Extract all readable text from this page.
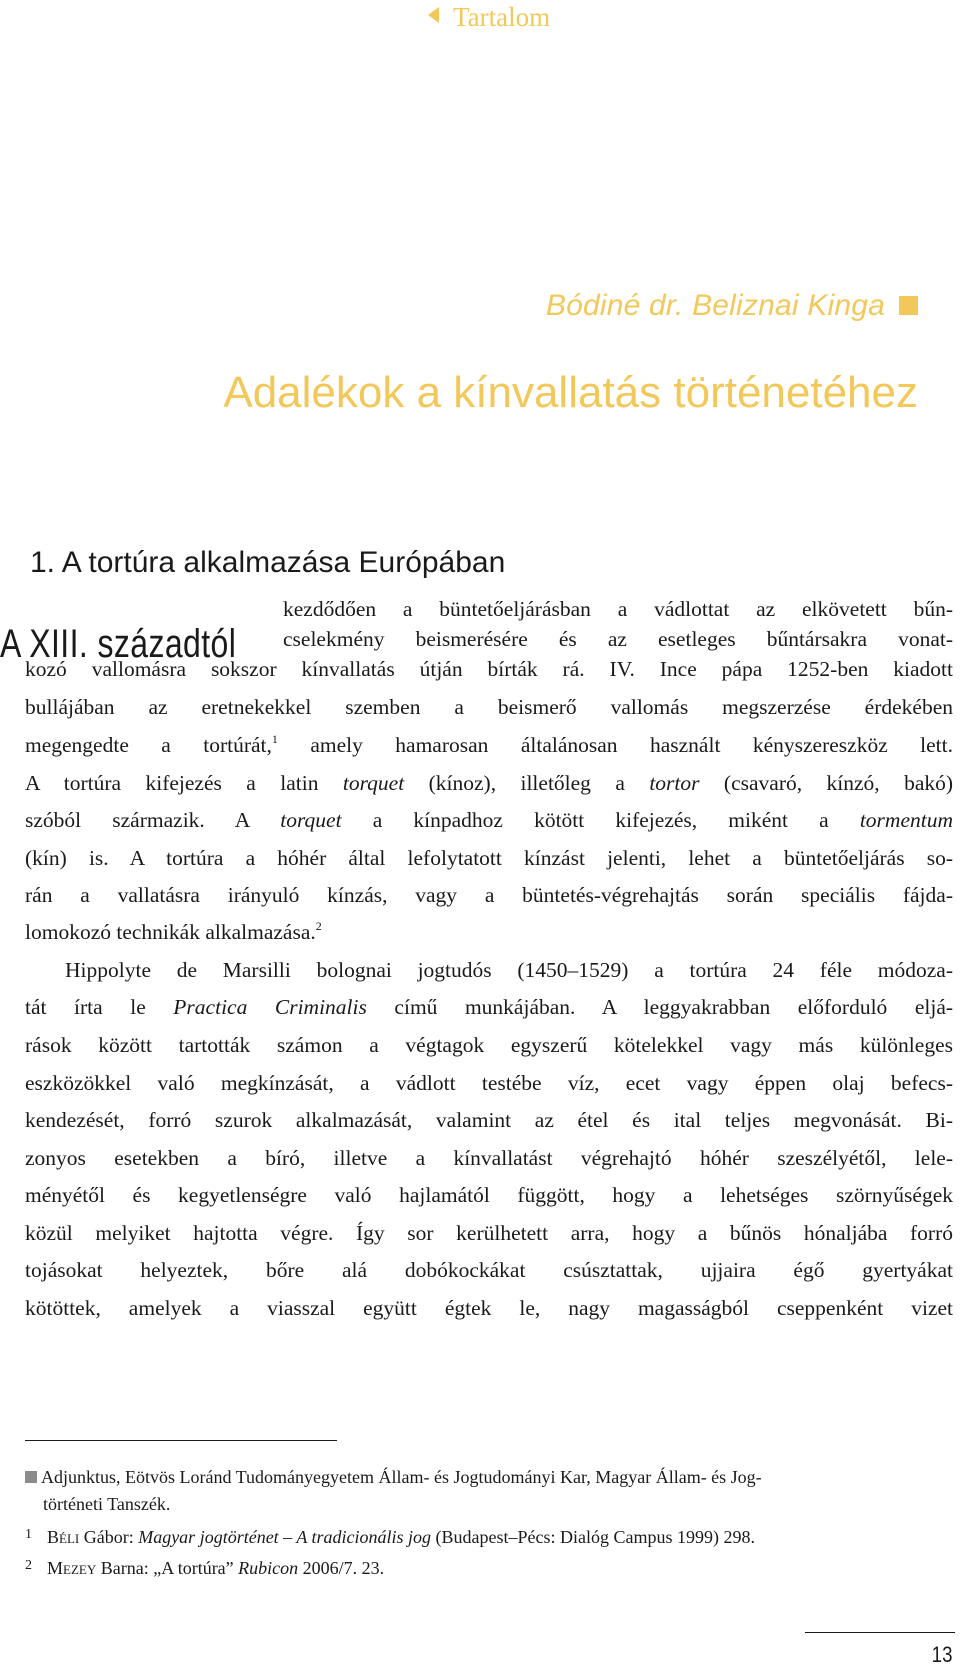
Tartalom
Bódiné dr. Beliznai Kinga
Adalékok a kínvallatás történetéhez
1. A tortúra alkalmazása Európában
A XIII. századtól
kezdődően a büntetőeljárásban a vádlottat az elkövetett bűn-
cselekmény beismerésére és az esetleges bűntársakra vonat-
kozó vallomásra sokszor kínvallatás útján bírták rá. IV. Ince pápa 1252-ben kiadott
bullájában az eretnekekkel szemben a beismerő vallomás megszerzése érdekében
megengedte a tortúrát,$^1$ amely hamarosan általánosan használt kényszereszköz lett.
A tortúra kifejezés a latin torquet (kínoz), illetőleg a tortor (csavaró, kínzó, bakó)
szóból származik. A torquet a kínpadhoz kötött kifejezés, miként a tormentum
(kín) is. A tortúra a hóhér által lefolytatott kínzást jelenti, lehet a büntetőeljárás so-
rán a vallatásra irányuló kínzás, vagy a büntetés-végrehajtás során speciális fájda-
lomokozó technikák alkalmazása.$^2$
Hippolyte de Marsilli bolognai jogtudós (1450–1529) a tortúra 24 féle módoza-
tát írta le Practica Criminalis című munkájában. A leggyakrabban előforduló eljá-
rások között tartották számon a végtagok egyszerű kötelekkel vagy más különleges
eszközökkel való megkínzását, a vádlott testébe víz, ecet vagy éppen olaj befecs-
kendezését, forró szurok alkalmazását, valamint az étel és ital teljes megvonását. Bi-
zonyos esetekben a bíró, illetve a kínvallatást végrehajtó hóhér szeszélyétől, lele-
ményétől és kegyetlenségre való hajlamától függött, hogy a lehetséges szörnyűségek
közül melyiket hajtotta végre. Így sor kerülhetett arra, hogy a bűnös hónaljába forró
tojásokat helyeztek, bőre alá dobókockákat csúsztattak, ujjaira égő gyertyákat
kötöttek, amelyek a viasszal együtt égtek le, nagy magasságból cseppenként vizet
Adjunktus, Eötvös Loránd Tudományegyetem Állam- és Jogtudományi Kar, Magyar Állam- és Jog-
történeti Tanszék.
1 Béli Gábor: Magyar jogtörténet – A tradicionális jog (Budapest–Pécs: Dialóg Campus 1999) 298.
2 Mezey Barna: „A tortúra” Rubicon 2006/7. 23.
13
